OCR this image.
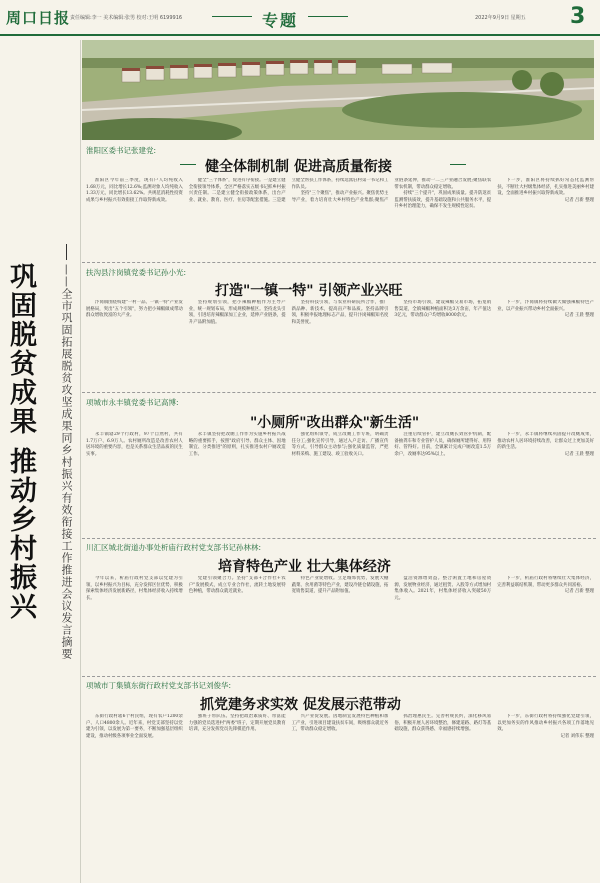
周口日报 责任编辑:李一 美术编辑:张男 校对:王明 6199916	专题	2022年9月9日 星期五 3
巩固脱贫成果 推动乡村振兴	——全市巩固拓展脱贫攻坚成果同乡村振兴有效衔接工作推进会议发言摘要
淮阳区委书记张建党:
健全体制机制 促进高质量衔接

淮阳区今年前三季度，现有户人均纯收入1.68万元，同比增长12.6%;监测对象人均纯收入1.33万元，同比增长13.62%。共规范消耗性投资成果与乡村振兴有效衔接工作取得新成效。

健全"三个体系"，促进有序衔接。一是建立健全衔接领导体系，全区严格落实五级书记抓乡村振兴责任制。二是建立健全衔接政策体系，出台产业、就业、教育、医疗、住房等配套措施。三是建立健全帮扶工作体系，持续选派驻村第一书记和工作队员。

坚持"三个聚焦"，推动产业振兴。聚焦优势主导产业，着力培育壮大乡村特色产业集群;聚焦产业链条延伸，推动一二三产业融合发展;聚焦联农带农机制，带动群众稳定增收。

持续"三个提升"，巩固成果质量。提升防返贫监测帮扶质效，提升基础设施和公共服务水平，提升乡村治理能力，确保不发生规模性返贫。

下一步，淮阳区将持续抓好常态化监测帮扶，不断壮大村级集体经济，扎实推进美丽乡村建设，全面推进乡村振兴取得新成效。

记者 吕新 整理

扶沟县汴岗镇党委书记孙小光:
打造"一镇一特" 引领产业兴旺

汴岗镇围绕构建"一村一品、一镇一特"产业发展格局，突出"五个引领"，努力把小辣椒做成带动群众增收致富的大产业。

坚持规划引领，把小辣椒种植作为主导产业，统一规划布局，形成规模种植区。坚持龙头引领，引进培育辣椒深加工企业，延伸产业链条，提升产品附加值。

坚持科技引领，与农业科研院所合作，推广新品种、新技术，提高亩产和品质。坚持品牌引领，积极申报地理标志产品，提升汴岗辣椒知名度和美誉度。

坚持市场引领，建设辣椒交易市场，拓宽销售渠道，全镇辣椒种植面积达3万余亩，年产值达3亿元，带动群众户均增收8000余元。

下一步，汴岗镇将持续做大做强辣椒特色产业，以产业振兴带动乡村全面振兴。

记者 王晨 整理

项城市永丰镇党委书记高博:
"小厕所"改出群众"新生活"

永丰镇辖29个行政村，97个自然村，共有1.7万户、6.9万人。农村厕所改造是改善农村人居环境的重要内容，也是关系群众生活品质的民生实事。

永丰镇坚持把改厕工作作为实施乡村振兴战略的重要抓手，按照"政府引导、群众主体、因地制宜、分类推进"的原则，扎实推进农村户厕改造工作。

强化组织领导，成立改厕工作专班，明确责任分工;强化宣传引导，通过入户走访、广播宣传等方式，引导群众主动参与;强化质量监管，严把材料采购、施工建设、竣工验收关口。

注重后续管护，建立改厕长效管护机制，配备抽粪车和专业管护人员，确保厕所建得好、用得好、管得好。目前，全镇累计完成户厕改造1.5万余户，改厕率达95%以上。

下一步，永丰镇将继续巩固提升改厕成果，推动农村人居环境持续改善，让群众过上更加美好的新生活。

记者 王晨 整理

川汇区城北街道办事处析庙行政村党支部书记孙林林:
培育特色产业 壮大集体经济

今年以来，析庙行政村党支部以党建为引领，以乡村振兴为目标，充分发挥区位优势，积极探索集体经济发展新路径，村集体经济收入持续增长。

党建引领聚合力。坚持"支部+合作社+农户"发展模式，成立专业合作社，流转土地发展特色种植，带动群众就近就业。

特色产业促增收。立足城郊优势，发展大棚蔬菜、食用菌等特色产业，建设冷链仓储设施，拓宽销售渠道，提升产品附加值。

盘活资源增效益。整合闲置土地和房屋资源，发展物业经济，通过租赁、入股等方式增加村集体收入。2021年，村集体经济收入突破50万元。

下一步，析庙行政村将继续壮大集体经济，完善利益联结机制，带动更多群众共同富裕。

记者 吕新 整理

项城市丁集镇东街行政村党支部书记刘俊华:
抓党建务求实效 促发展示范带动

东街行政村辖6个村民组，现有农户1200余户、人口4800余人。近年来，村党支部坚持以党建为引领，以发展为第一要务，不断加强基层组织建设，推动村级各项事业全面发展。

强班子带队伍。坚持把政治素质好、带富能力强的党员选进村"两委"班子，定期开展党员教育培训，充分发挥党员先锋模范作用。

兴产业促发展。因地制宜发展特色种植和加工产业，引进项目建设扶贫车间，吸纳群众就近务工，带动群众稳定增收。

抓治理惠民生。完善村规民约，深化移风易俗，积极开展人居环境整治，修建道路、路灯等基础设施，群众获得感、幸福感持续增强。

下一步，东街行政村将持续强化党建引领，以更加务实的作风推动乡村振兴各项工作落地见效。

记者 刘伟东 整理
